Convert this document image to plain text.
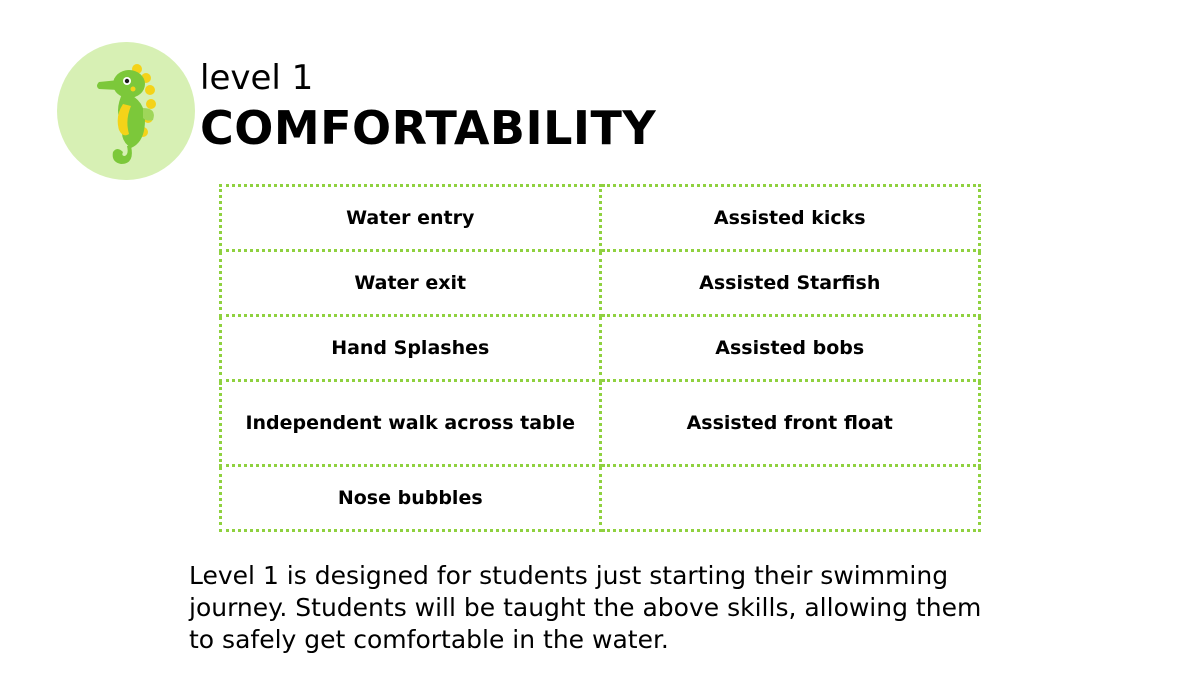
level 1
COMFORTABILITY
Water entry	Assisted kicks
Water exit	Assisted Starfish
Hand Splashes	Assisted bobs
Independent walk across table	Assisted front float
Nose bubbles	

Level 1 is designed for students just starting their swimming journey. Students will be taught the above skills, allowing them to safely get comfortable in the water.
